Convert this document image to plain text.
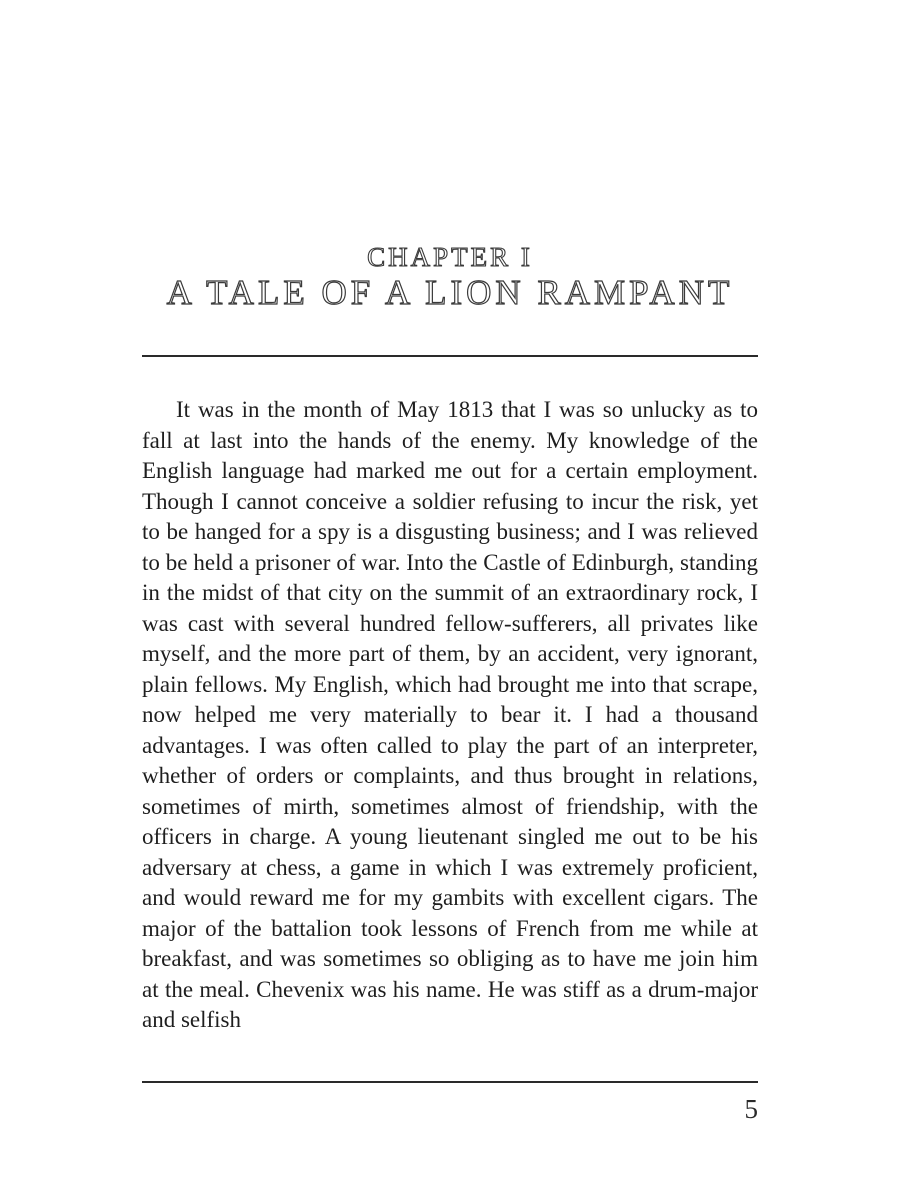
CHAPTER I
A TALE OF A LION RAMPANT

It was in the month of May 1813 that I was so unlucky as to fall at last into the hands of the enemy. My knowledge of the English language had marked me out for a certain employment. Though I cannot conceive a soldier refusing to incur the risk, yet to be hanged for a spy is a disgusting business; and I was relieved to be held a prisoner of war. Into the Castle of Edinburgh, standing in the midst of that city on the summit of an extraordinary rock, I was cast with several hundred fellow-sufferers, all privates like myself, and the more part of them, by an accident, very ignorant, plain fellows. My English, which had brought me into that scrape, now helped me very materially to bear it. I had a thousand advantages. I was often called to play the part of an interpreter, whether of orders or complaints, and thus brought in relations, sometimes of mirth, sometimes almost of friendship, with the officers in charge. A young lieutenant singled me out to be his adversary at chess, a game in which I was extremely proficient, and would reward me for my gambits with excellent cigars. The major of the battalion took lessons of French from me while at breakfast, and was sometimes so obliging as to have me join him at the meal. Chevenix was his name. He was stiff as a drum-major and selfish

5
